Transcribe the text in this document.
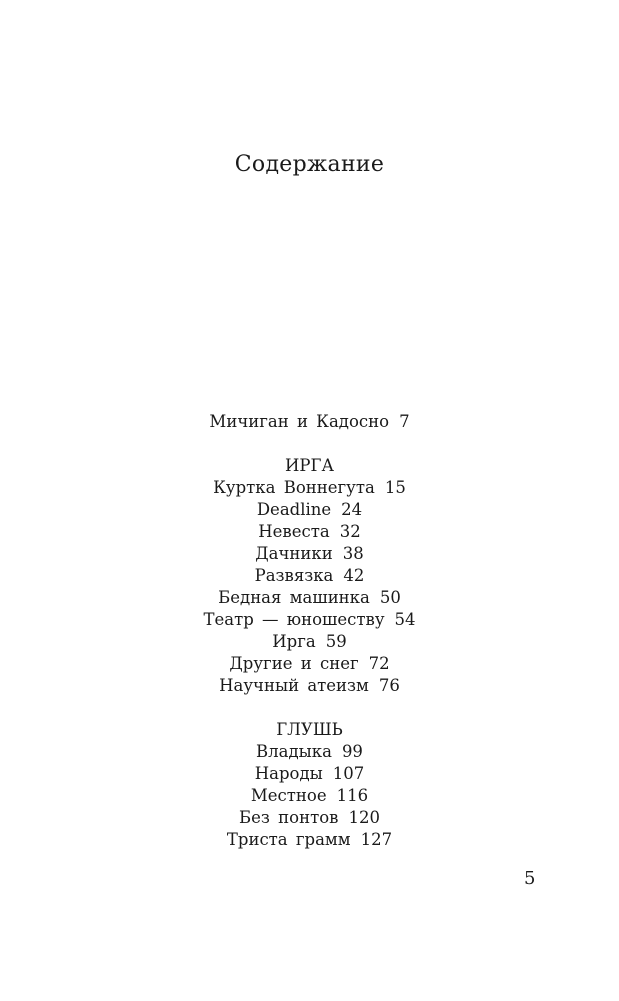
Содержание
Мичиган и Кадосно 7
ИРГА
Куртка Воннегута 15
Deadline 24
Невеста 32
Дачники 38
Развязка 42
Бедная машинка 50
Театр — юношеству 54
Ирга 59
Другие и снег 72
Научный атеизм 76
ГЛУШЬ
Владыка 99
Народы 107
Местное 116
Без понтов 120
Триста грамм 127
5
